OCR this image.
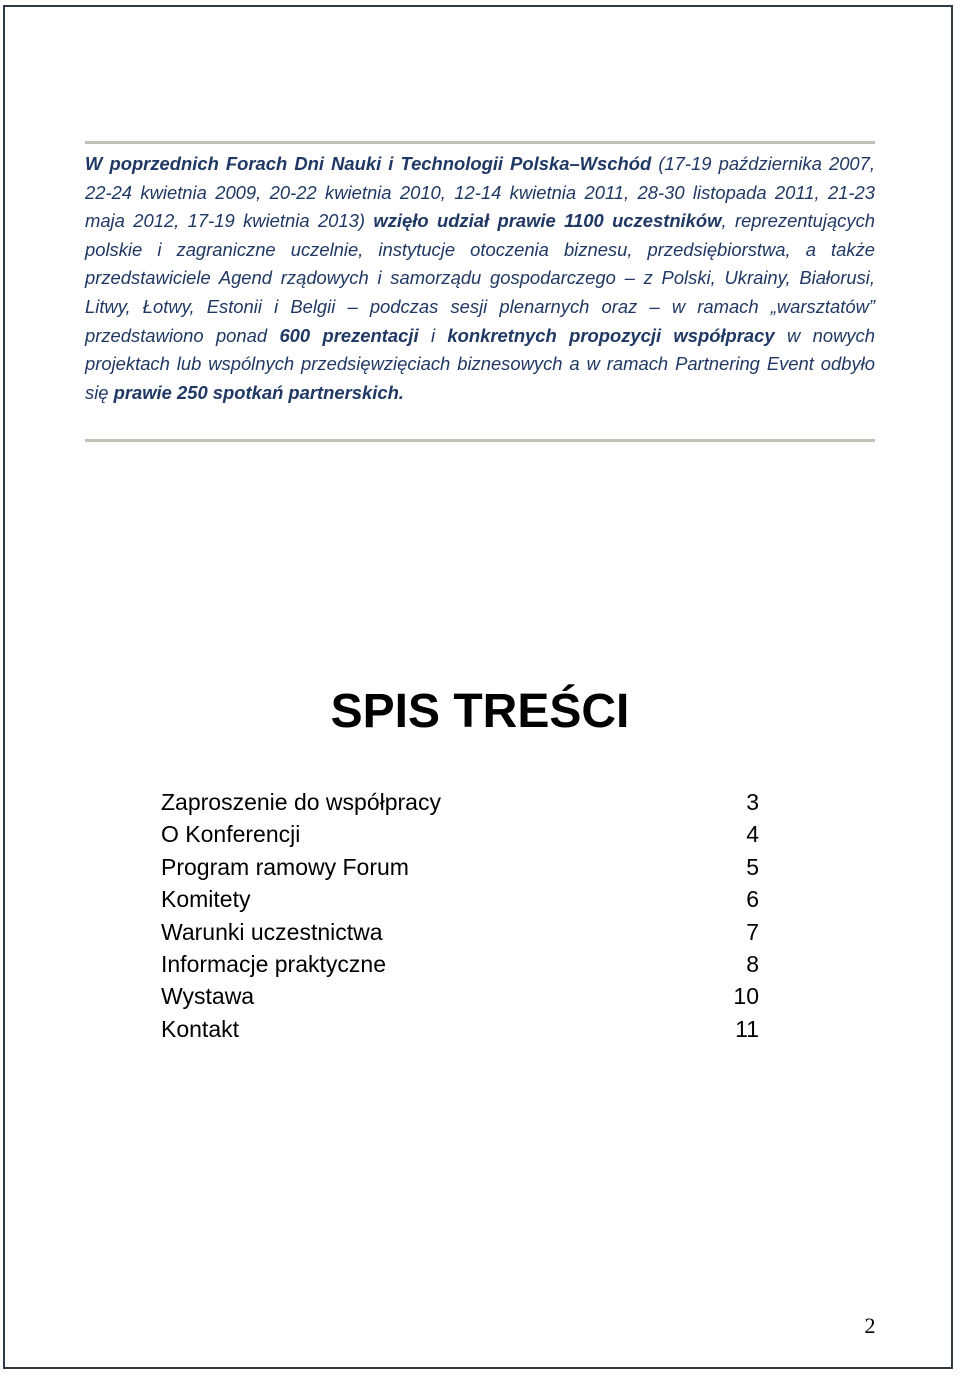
W poprzednich Forach Dni Nauki i Technologii Polska–Wschód (17-19 października 2007, 22-24 kwietnia 2009, 20-22 kwietnia 2010, 12-14 kwietnia 2011, 28-30 listopada 2011, 21-23 maja 2012, 17-19 kwietnia 2013) wzięło udział prawie 1100 uczestników, reprezentujących polskie i zagraniczne uczelnie, instytucje otoczenia biznesu, przedsiębiorstwa, a także przedstawiciele Agend rządowych i samorządu gospodarczego – z Polski, Ukrainy, Białorusi, Litwy, Łotwy, Estonii i Belgii – podczas sesji plenarnych oraz – w ramach „warsztatów” przedstawiono ponad 600 prezentacji i konkretnych propozycji współpracy w nowych projektach lub wspólnych przedsięwzięciach biznesowych a w ramach Partnering Event odbyło się prawie 250 spotkań partnerskich.

SPIS TREŚCI
Zaproszenie do współpracy	3
O Konferencji	4
Program ramowy Forum	5
Komitety	6
Warunki uczestnictwa	7
Informacje praktyczne	8
Wystawa	10
Kontakt	11
2
